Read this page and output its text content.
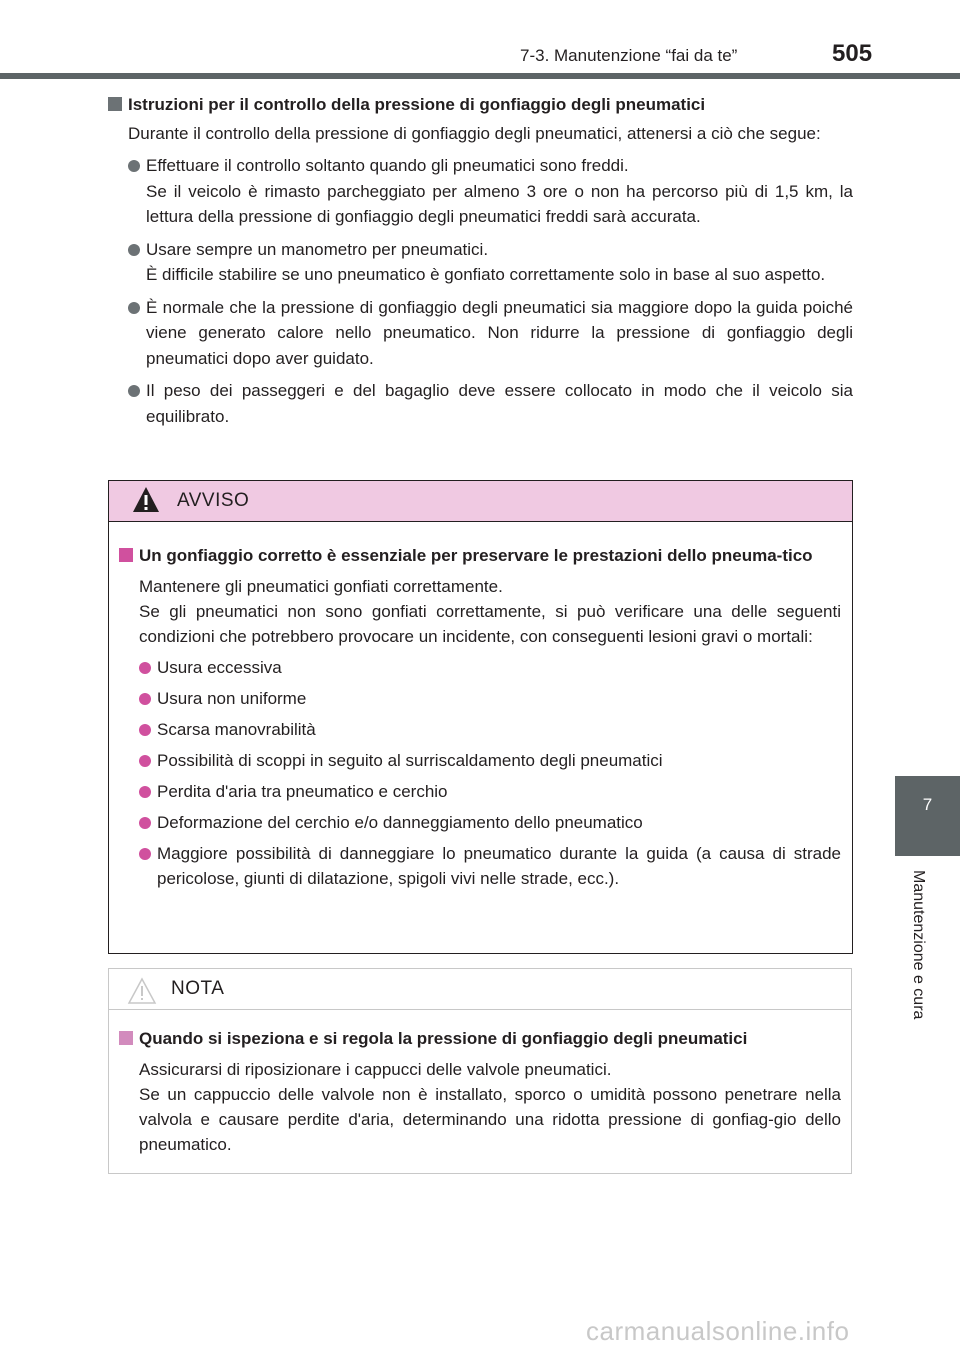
7-3. Manutenzione “fai da te”	505
7
Manutenzione e cura
Istruzioni per il controllo della pressione di gonfiaggio degli pneumatici
Durante il controllo della pressione di gonfiaggio degli pneumatici, attenersi a ciò che segue:
Effettuare il controllo soltanto quando gli pneumatici sono freddi.
Se il veicolo è rimasto parcheggiato per almeno 3 ore o non ha percorso più di 1,5 km, la lettura della pressione di gonfiaggio degli pneumatici freddi sarà accurata.
Usare sempre un manometro per pneumatici.
È difficile stabilire se uno pneumatico è gonfiato correttamente solo in base al suo aspetto.
È normale che la pressione di gonfiaggio degli pneumatici sia maggiore dopo la guida poiché viene generato calore nello pneumatico. Non ridurre la pressione di gonfiaggio degli pneumatici dopo aver guidato.
Il peso dei passeggeri e del bagaglio deve essere collocato in modo che il veicolo sia equilibrato.
AVVISO
Un gonfiaggio corretto è essenziale per preservare le prestazioni dello pneuma-tico
Mantenere gli pneumatici gonfiati correttamente.
Se gli pneumatici non sono gonfiati correttamente, si può verificare una delle seguenti condizioni che potrebbero provocare un incidente, con conseguenti lesioni gravi o mortali:
Usura eccessiva
Usura non uniforme
Scarsa manovrabilità
Possibilità di scoppi in seguito al surriscaldamento degli pneumatici
Perdita d'aria tra pneumatico e cerchio
Deformazione del cerchio e/o danneggiamento dello pneumatico
Maggiore possibilità di danneggiare lo pneumatico durante la guida (a causa di strade pericolose, giunti di dilatazione, spigoli vivi nelle strade, ecc.).
NOTA
Quando si ispeziona e si regola la pressione di gonfiaggio degli pneumatici
Assicurarsi di riposizionare i cappucci delle valvole pneumatici.
Se un cappuccio delle valvole non è installato, sporco o umidità possono penetrare nella valvola e causare perdite d'aria, determinando una ridotta pressione di gonfiag-gio dello pneumatico.
carmanualsonline.info
